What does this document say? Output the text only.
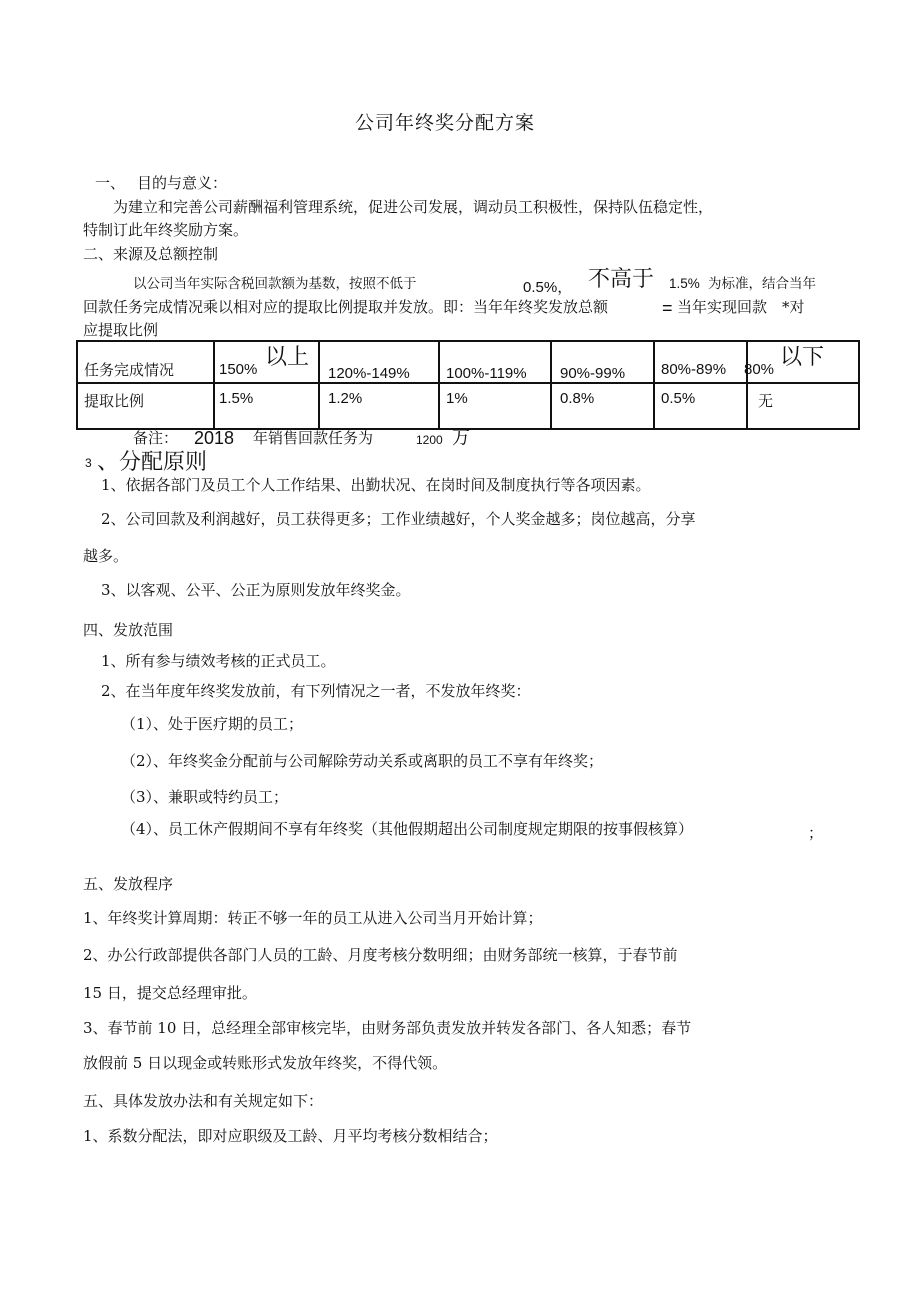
公司年终奖分配方案
一、 目的与意义：
为建立和完善公司薪酬福利管理系统，促进公司发展，调动员工积极性，保持队伍稳定性，
特制订此年终奖励方案。
二、来源及总额控制
以公司当年实际含税回款额为基数，按照不低于	0.5%， 不高于 1.5% 为标准，结合当年
回款任务完成情况乘以相对应的提取比例提取并发放。即：当年年终奖发放总额	= 当年实现回款 *对
应提取比例
任务完成情况	150% 以上	120%-149%	100%-119%	90%-99%	80%-89%	80% 以下

提取比例	1.5%	1.2%	1%	0.8%	0.5%	无
备注： 2018 年销售回款任务为	1200 万
3 、分配原则
1、依据各部门及员工个人工作结果、出勤状况、在岗时间及制度执行等各项因素。
2、公司回款及利润越好，员工获得更多；工作业绩越好，个人奖金越多；岗位越高，分享
越多。
3、以客观、公平、公正为原则发放年终奖金。
四、发放范围
1、所有参与绩效考核的正式员工。
2、在当年度年终奖发放前，有下列情况之一者，不发放年终奖：
（1）、处于医疗期的员工；
（2）、年终奖金分配前与公司解除劳动关系或离职的员工不享有年终奖；
（3）、兼职或特约员工；
（4）、员工休产假期间不享有年终奖（其他假期超出公司制度规定期限的按事假核算）	；
五、发放程序
1、年终奖计算周期：转正不够一年的员工从进入公司当月开始计算；
2、办公行政部提供各部门人员的工龄、月度考核分数明细；由财务部统一核算，于春节前
15 日，提交总经理审批。
3、春节前 10 日，总经理全部审核完毕，由财务部负责发放并转发各部门、各人知悉；春节
放假前 5 日以现金或转账形式发放年终奖，不得代领。
五、具体发放办法和有关规定如下：
1、系数分配法，即对应职级及工龄、月平均考核分数相结合；
